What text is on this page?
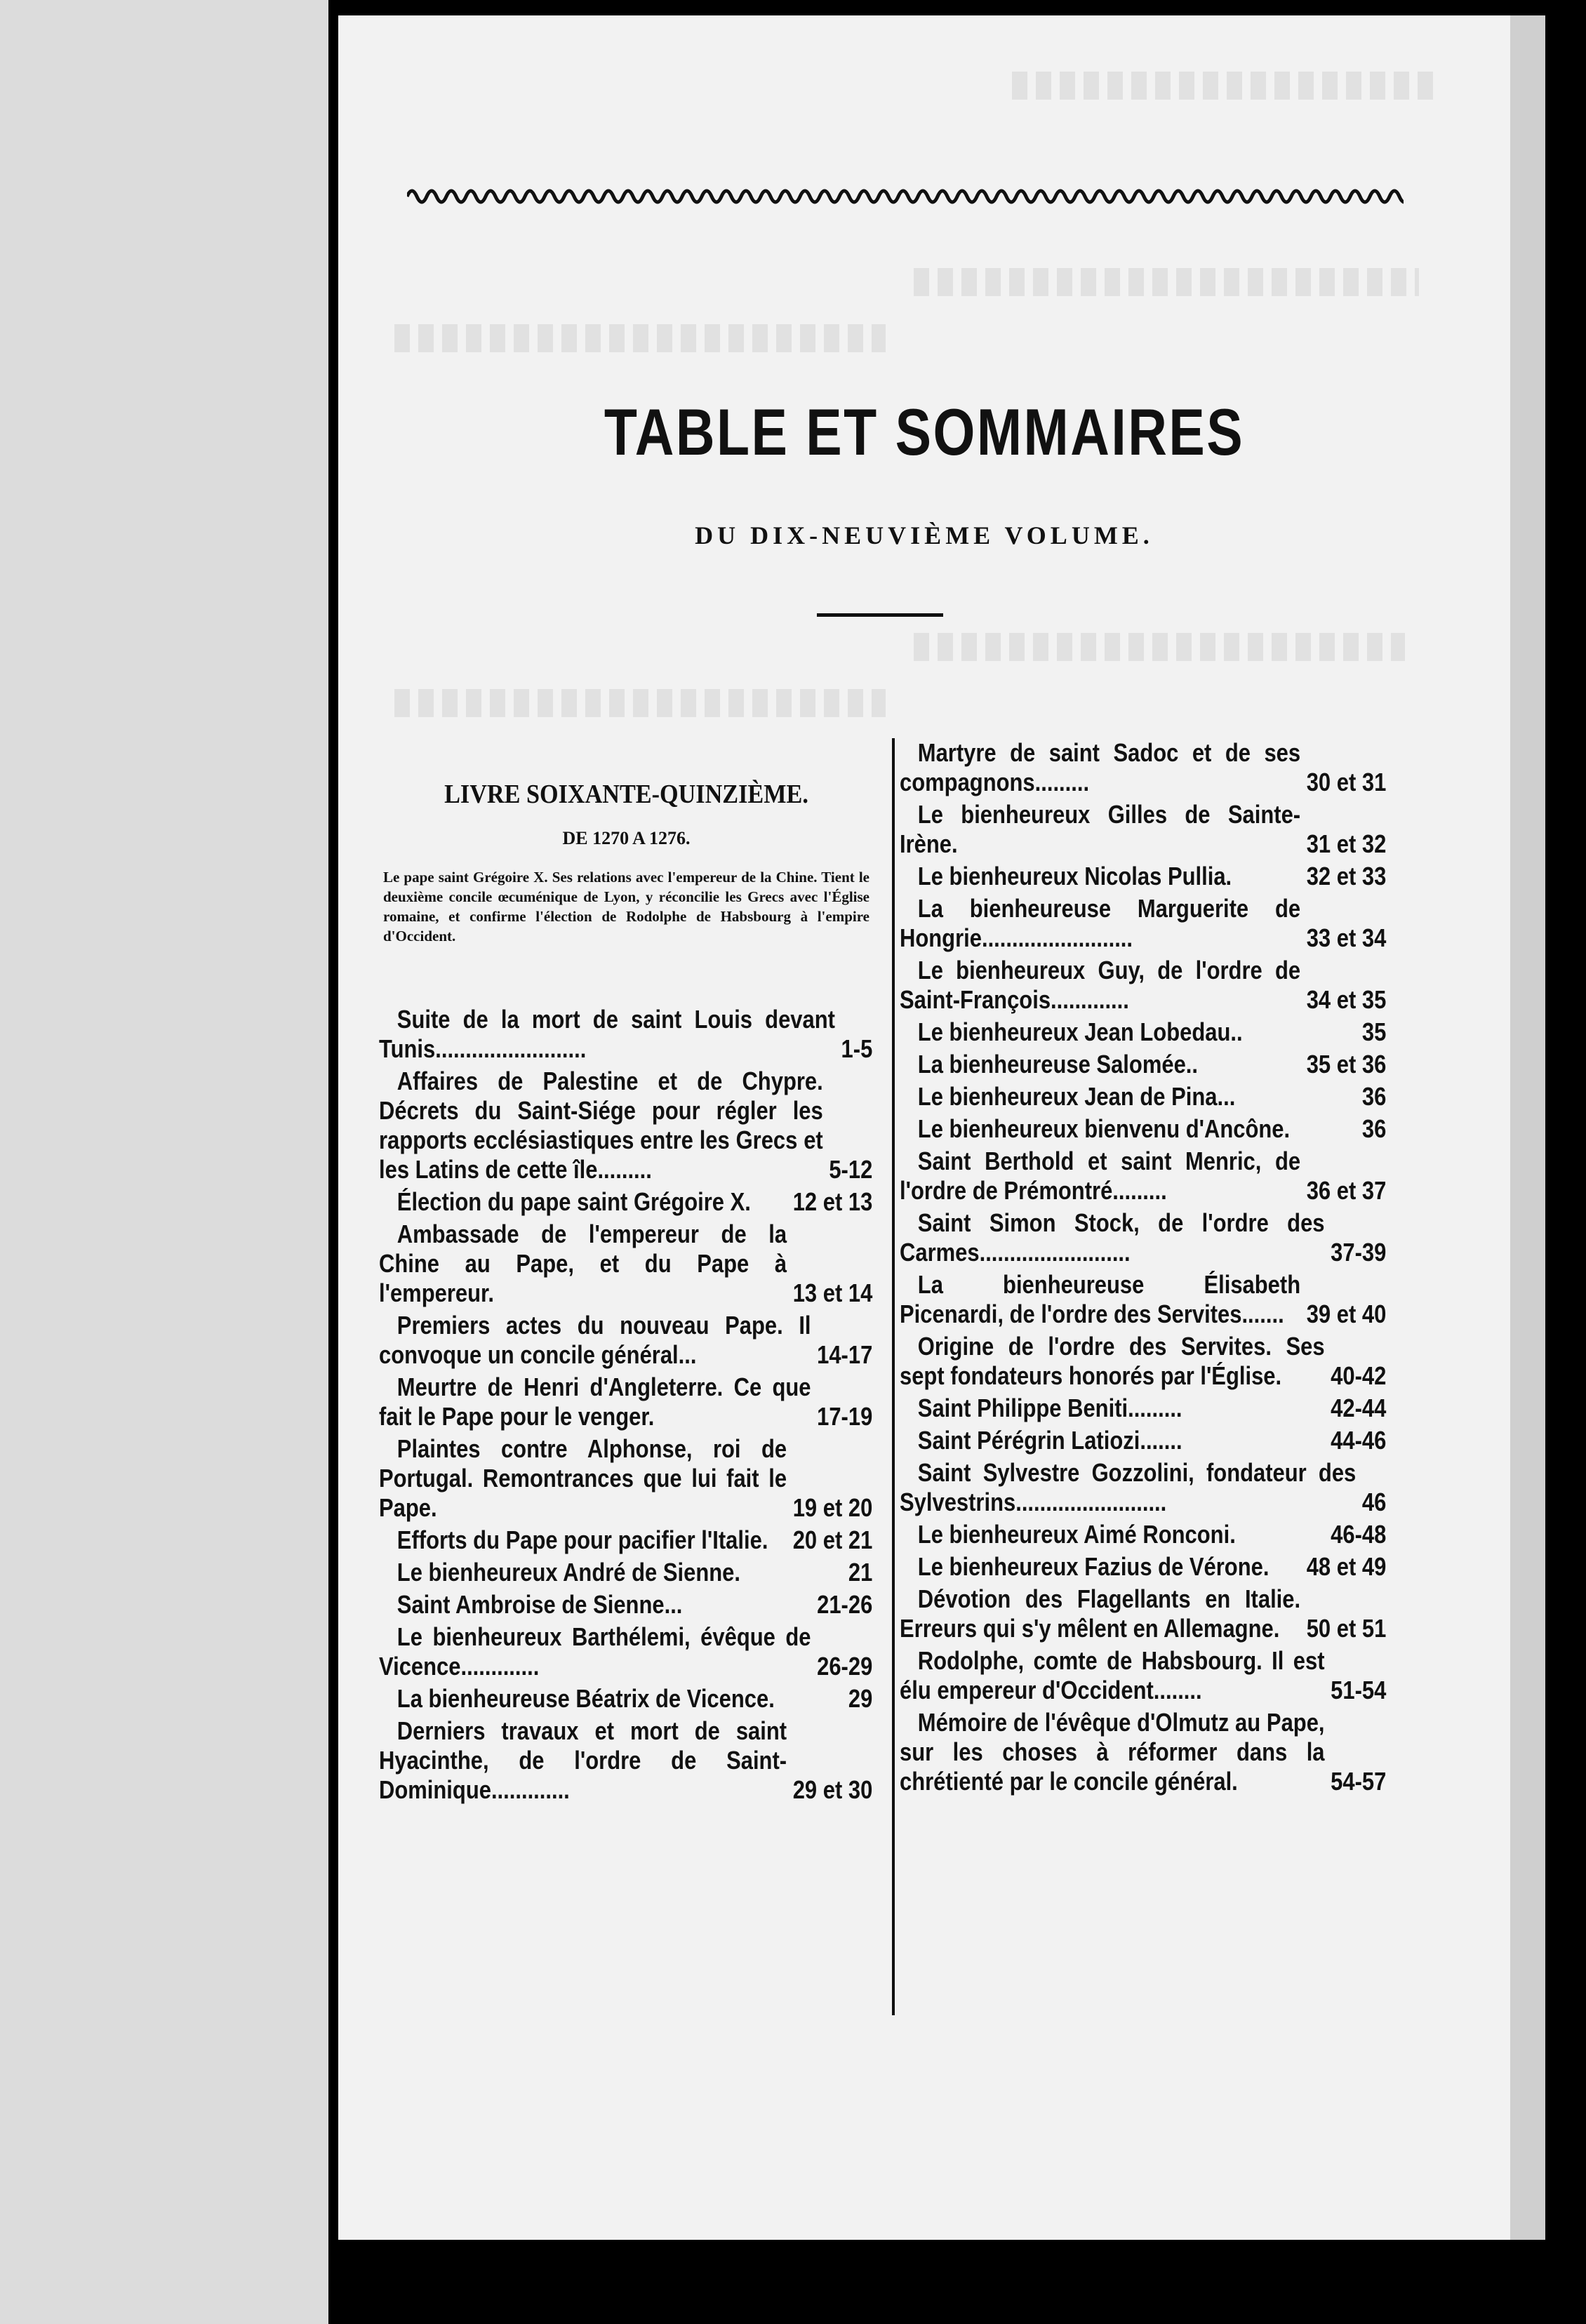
TABLE ET SOMMAIRES
DU DIX-NEUVIÈME VOLUME.
LIVRE SOIXANTE-QUINZIÈME.
DE 1270 A 1276.
Le pape saint Grégoire X. Ses relations avec l'empereur de la Chine. Tient le deuxième concile œcuménique de Lyon, y réconcilie les Grecs avec l'Église romaine, et confirme l'élection de Rodolphe de Habsbourg à l'empire d'Occident.
Suite de la mort de saint Louis devant Tunis.........................	1-5
Affaires de Palestine et de Chypre. Décrets du Saint-Siége pour régler les rapports ecclésiastiques entre les Grecs et les Latins de cette île.........	5-12
Élection du pape saint Grégoire X.	12 et 13
Ambassade de l'empereur de la Chine au Pape, et du Pape à l'empereur.	13 et 14
Premiers actes du nouveau Pape. Il convoque un concile général...	14-17
Meurtre de Henri d'Angleterre. Ce que fait le Pape pour le venger.	17-19
Plaintes contre Alphonse, roi de Portugal. Remontrances que lui fait le Pape.	19 et 20
Efforts du Pape pour pacifier l'Italie. 20 et 21
Le bienheureux André de Sienne.	21
Saint Ambroise de Sienne...	21-26
Le bienheureux Barthélemi, évêque de Vicence.............	26-29
La bienheureuse Béatrix de Vicence.	29
Derniers travaux et mort de saint Hyacinthe, de l'ordre de Saint-Dominique.............	29 et 30
Martyre de saint Sadoc et de ses compagnons.........	30 et 31
Le bienheureux Gilles de Sainte-Irène.	31 et 32
Le bienheureux Nicolas Pullia.	32 et 33
La bienheureuse Marguerite de Hongrie.........................	33 et 34
Le bienheureux Guy, de l'ordre de Saint-François.............	34 et 35
Le bienheureux Jean Lobedau..	35
La bienheureuse Salomée..	35 et 36
Le bienheureux Jean de Pina...	36
Le bienheureux bienvenu d'Ancône.	36
Saint Berthold et saint Menric, de l'ordre de Prémontré.........	36 et 37
Saint Simon Stock, de l'ordre des Carmes.........................	37-39
La bienheureuse Élisabeth Picenardi, de l'ordre des Servites....... 39 et 40
Origine de l'ordre des Servites. Ses sept fondateurs honorés par l'Église.	40-42
Saint Philippe Beniti.........	42-44
Saint Pérégrin Latiozi.......	44-46
Saint Sylvestre Gozzolini, fondateur des Sylvestrins.........................	46
Le bienheureux Aimé Ronconi.	46-48
Le bienheureux Fazius de Vérone.	48 et 49
Dévotion des Flagellants en Italie. Erreurs qui s'y mêlent en Allemagne.	50 et 51
Rodolphe, comte de Habsbourg. Il est élu empereur d'Occident........	51-54
Mémoire de l'évêque d'Olmutz au Pape, sur les choses à réformer dans la chrétienté par le concile général.	54-57
